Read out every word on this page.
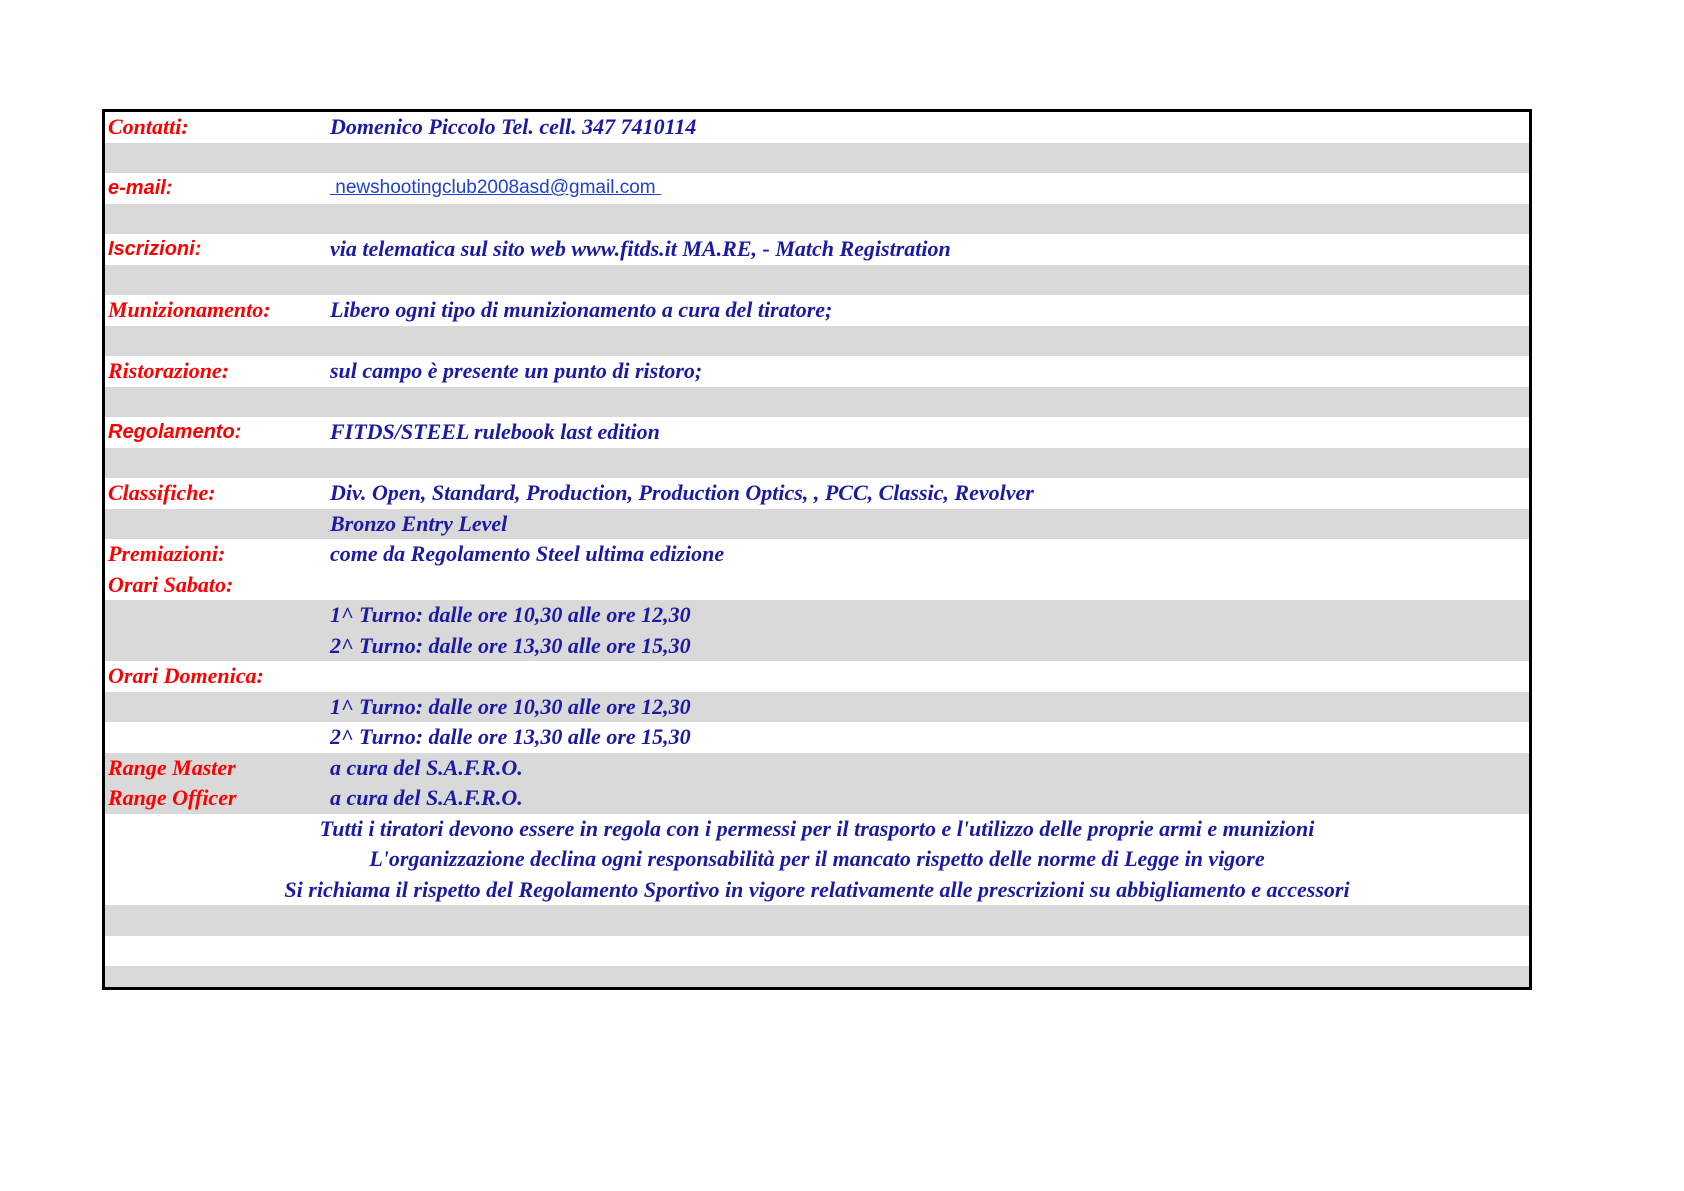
Contatti:	Domenico Piccolo Tel. cell. 347 7410114
e-mail:	newshootingclub2008asd@gmail.com
Iscrizioni:	via telematica sul sito web www.fitds.it MA.RE, - Match Registration
Munizionamento:	Libero ogni tipo di munizionamento a cura del tiratore;
Ristorazione:	sul campo è presente un punto di ristoro;
Regolamento:	FITDS/STEEL rulebook last edition
Classifiche:	Div. Open, Standard, Production, Production Optics, , PCC, Classic, Revolver
Bronzo Entry Level
Premiazioni:	come da Regolamento Steel ultima edizione
Orari Sabato:
1^ Turno: dalle ore 10,30 alle ore 12,30
2^ Turno: dalle ore 13,30 alle ore 15,30
Orari Domenica:
1^ Turno: dalle ore 10,30 alle ore 12,30
2^ Turno: dalle ore 13,30 alle ore 15,30
Range Master	a cura del S.A.F.R.O.
Range Officer	a cura del S.A.F.R.O.
Tutti i tiratori devono essere in regola con i permessi per il trasporto e l'utilizzo delle proprie armi e munizioni
L'organizzazione declina ogni responsabilità per il mancato rispetto delle norme di Legge in vigore
Si richiama il rispetto del Regolamento Sportivo in vigore relativamente alle prescrizioni su abbigliamento e accessori
